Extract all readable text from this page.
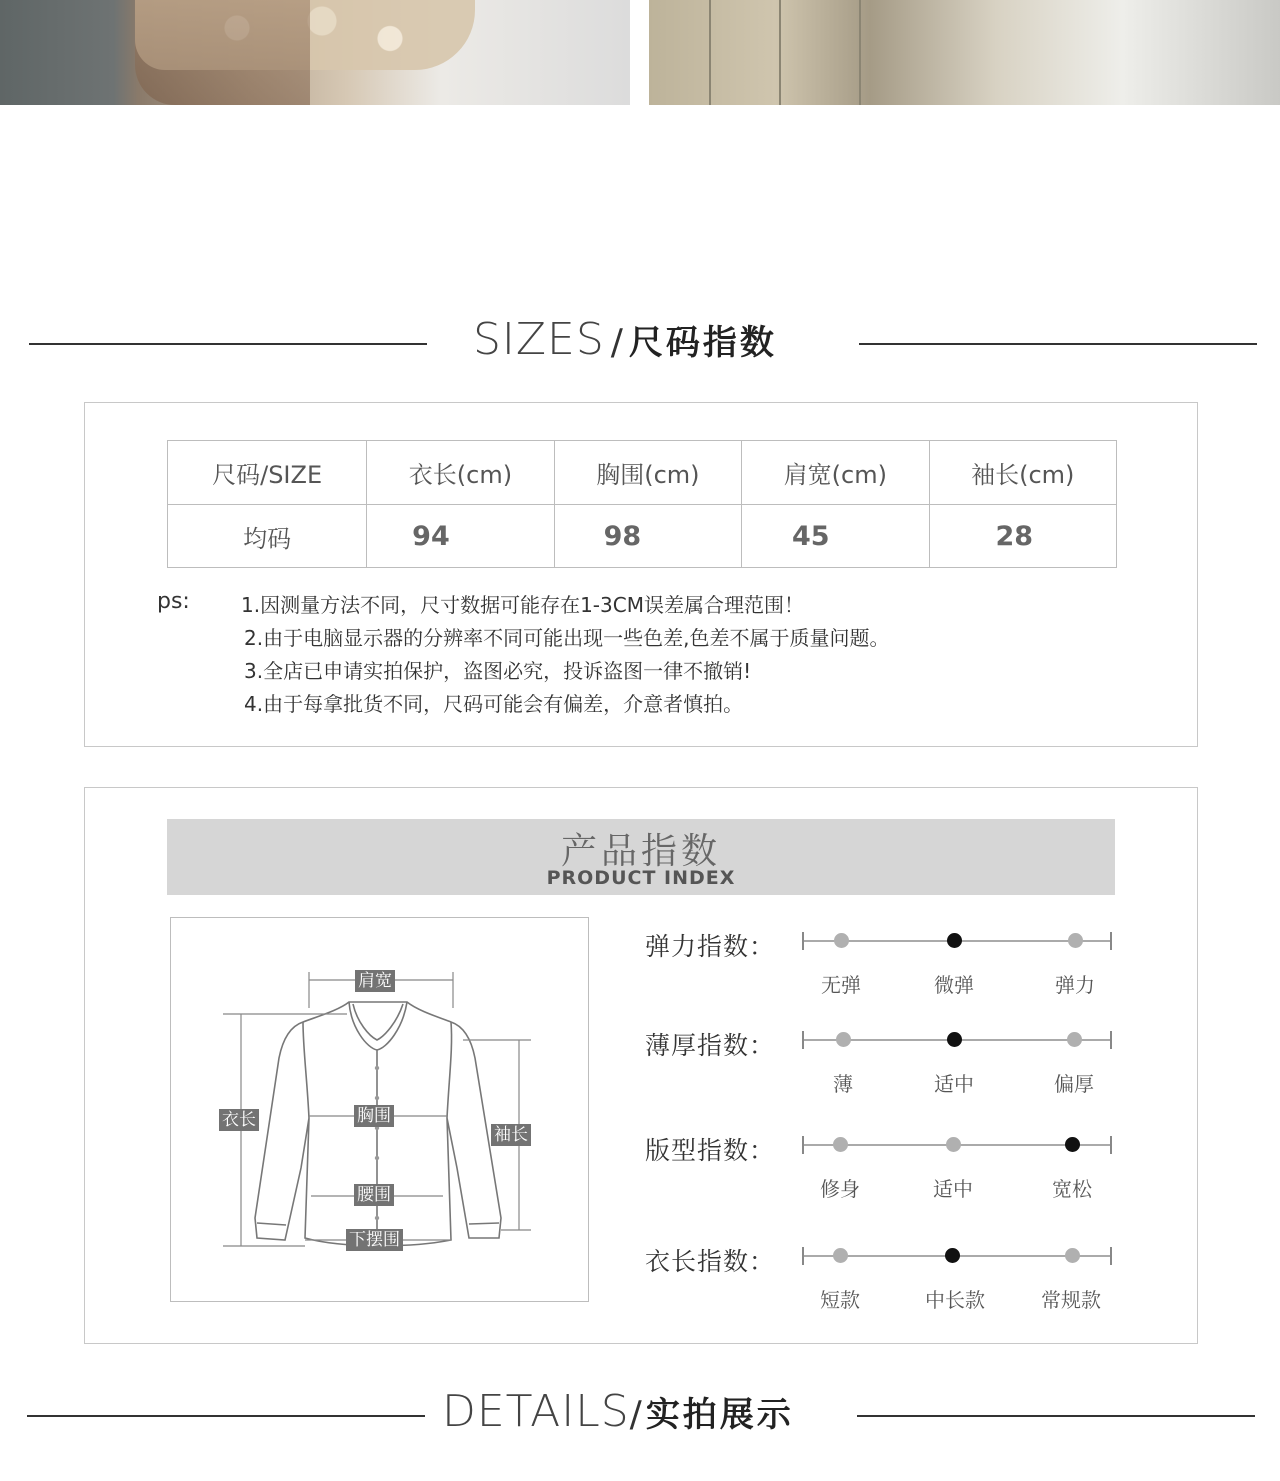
SIZES / 尺码指数
尺码/SIZE	衣长(cm)	胸围(cm)	肩宽(cm)	袖长(cm)
均码	94	98	45	28
ps:	1.因测量方法不同，尺寸数据可能存在1-3CM误差属合理范围！
2.由于电脑显示器的分辨率不同可能出现一些色差,色差不属于质量问题。
3.全店已申请实拍保护，盗图必究，投诉盗图一律不撤销!
4.由于每拿批货不同，尺码可能会有偏差，介意者慎拍。
产品指数
PRODUCT INDEX
肩宽
衣长	胸围
袖长
腰围
下摆围
弹力指数：
无弹	微弹	弹力
薄厚指数：
薄	适中	偏厚
版型指数：
修身	适中	宽松
衣长指数：
短款	中长款	常规款
DETAILS / 实拍展示
